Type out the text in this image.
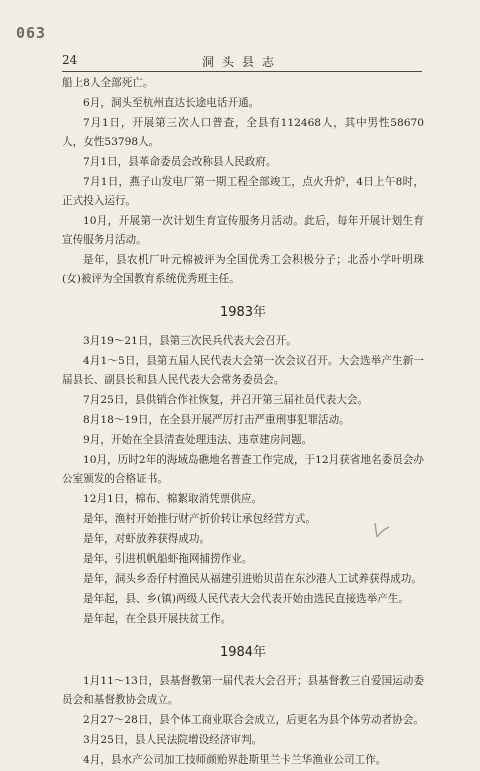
063
24	洞头县志

船上8人全部死亡。

6月，洞头至杭州直达长途电话开通。

7月1日，开展第三次人口普查，全县有112468人，其中男性58670人，女性53798人。

7月1日，县革命委员会改称县人民政府。

7月1日，燕子山发电厂第一期工程全部竣工，点火升炉，4日上午8时，正式投入运行。

10月，开展第一次计划生育宣传服务月活动。此后，每年开展计划生育宣传服务月活动。

是年，县农机厂叶元棉被评为全国优秀工会积极分子；北岙小学叶明珠(女)被评为全国教育系统优秀班主任。

1983年

3月19～21日，县第三次民兵代表大会召开。

4月1～5日，县第五届人民代表大会第一次会议召开。大会选举产生新一届县长、副县长和县人民代表大会常务委员会。

7月25日，县供销合作社恢复，并召开第三届社员代表大会。

8月18～19日，在全县开展严厉打击严重刑事犯罪活动。

9月，开始在全县清查处理违法、违章建房问题。

10月，历时2年的海域岛礁地名普查工作完成，于12月获省地名委员会办公室颁发的合格证书。

12月1日，棉布、棉絮取消凭票供应。

是年，渔村开始推行财产折价转让承包经营方式。

是年，对虾放养获得成功。

是年，引进机帆船虾拖网捕捞作业。

是年，洞头乡岙仔村渔民从福建引进贻贝苗在东沙港人工试养获得成功。

是年起，县、乡(镇)两级人民代表大会代表开始由选民直接选举产生。

是年起，在全县开展扶贫工作。

1984年

1月11～13日，县基督教第一届代表大会召开；县基督教三自爱国运动委员会和基督教协会成立。

2月27～28日，县个体工商业联合会成立，后更名为县个体劳动者协会。

3月25日，县人民法院增设经济审判。

4月，县水产公司加工技师颜贻界赴斯里兰卡兰华渔业公司工作。
